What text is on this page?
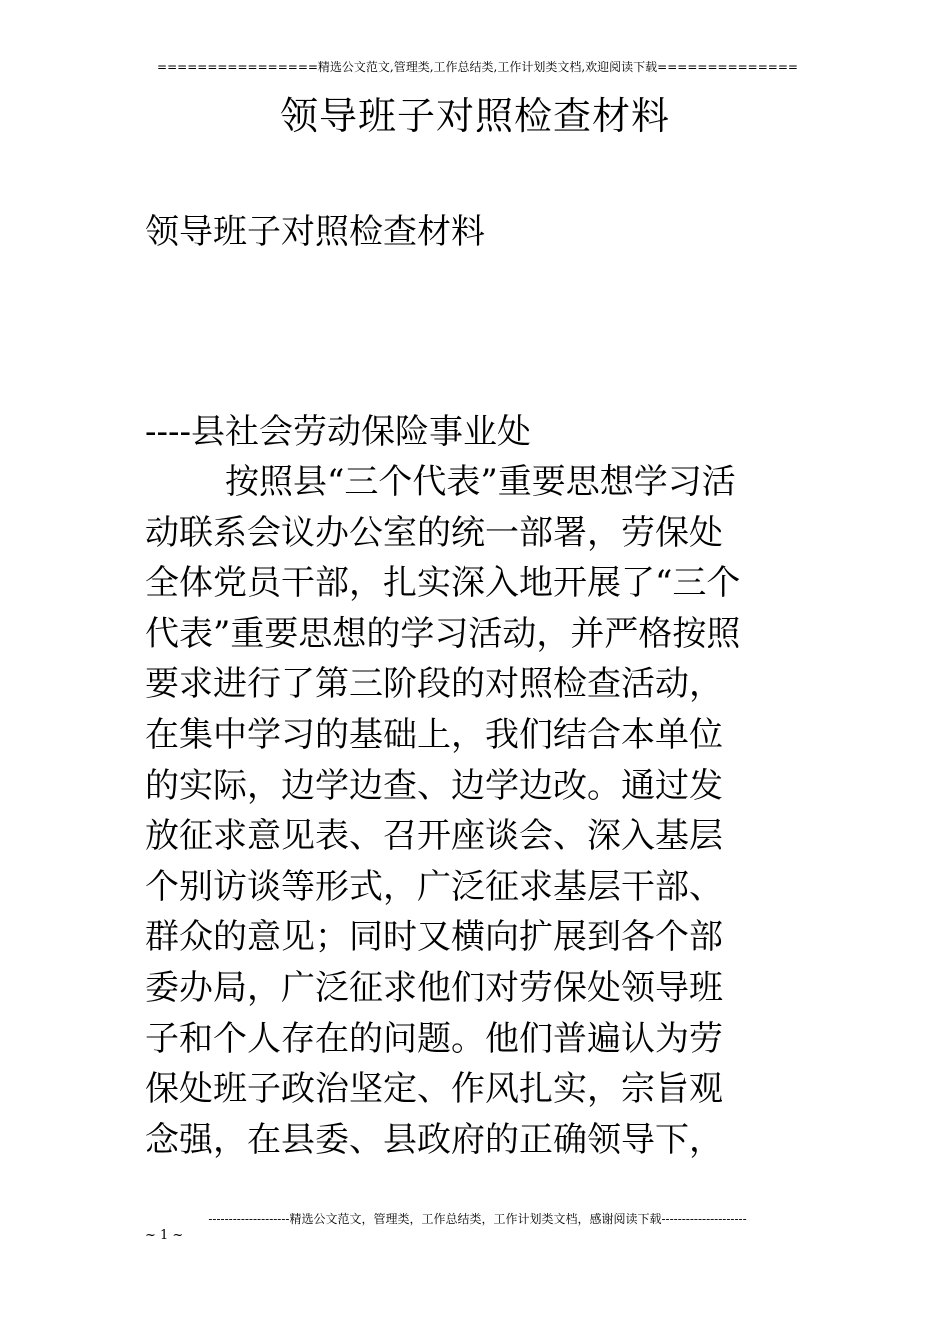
================精选公文范文,管理类,工作总结类,工作计划类文档,欢迎阅读下载==============
领导班子对照检查材料
领导班子对照检查材料
----县社会劳动保险事业处
按照县“三个代表”重要思想学习活
动联系会议办公室的统一部署，劳保处
全体党员干部，扎实深入地开展了“三个
代表”重要思想的学习活动，并严格按照
要求进行了第三阶段的对照检查活动，
在集中学习的基础上，我们结合本单位
的实际，边学边查、边学边改。通过发
放征求意见表、召开座谈会、深入基层
个别访谈等形式，广泛征求基层干部、
群众的意见；同时又横向扩展到各个部
委办局，广泛征求他们对劳保处领导班
子和个人存在的问题。他们普遍认为劳
保处班子政治坚定、作风扎实，宗旨观
念强，在县委、县政府的正确领导下，
--------------------精选公文范文，管理类，工作总结类，工作计划类文档，感谢阅读下载---------------------
~ 1 ~
